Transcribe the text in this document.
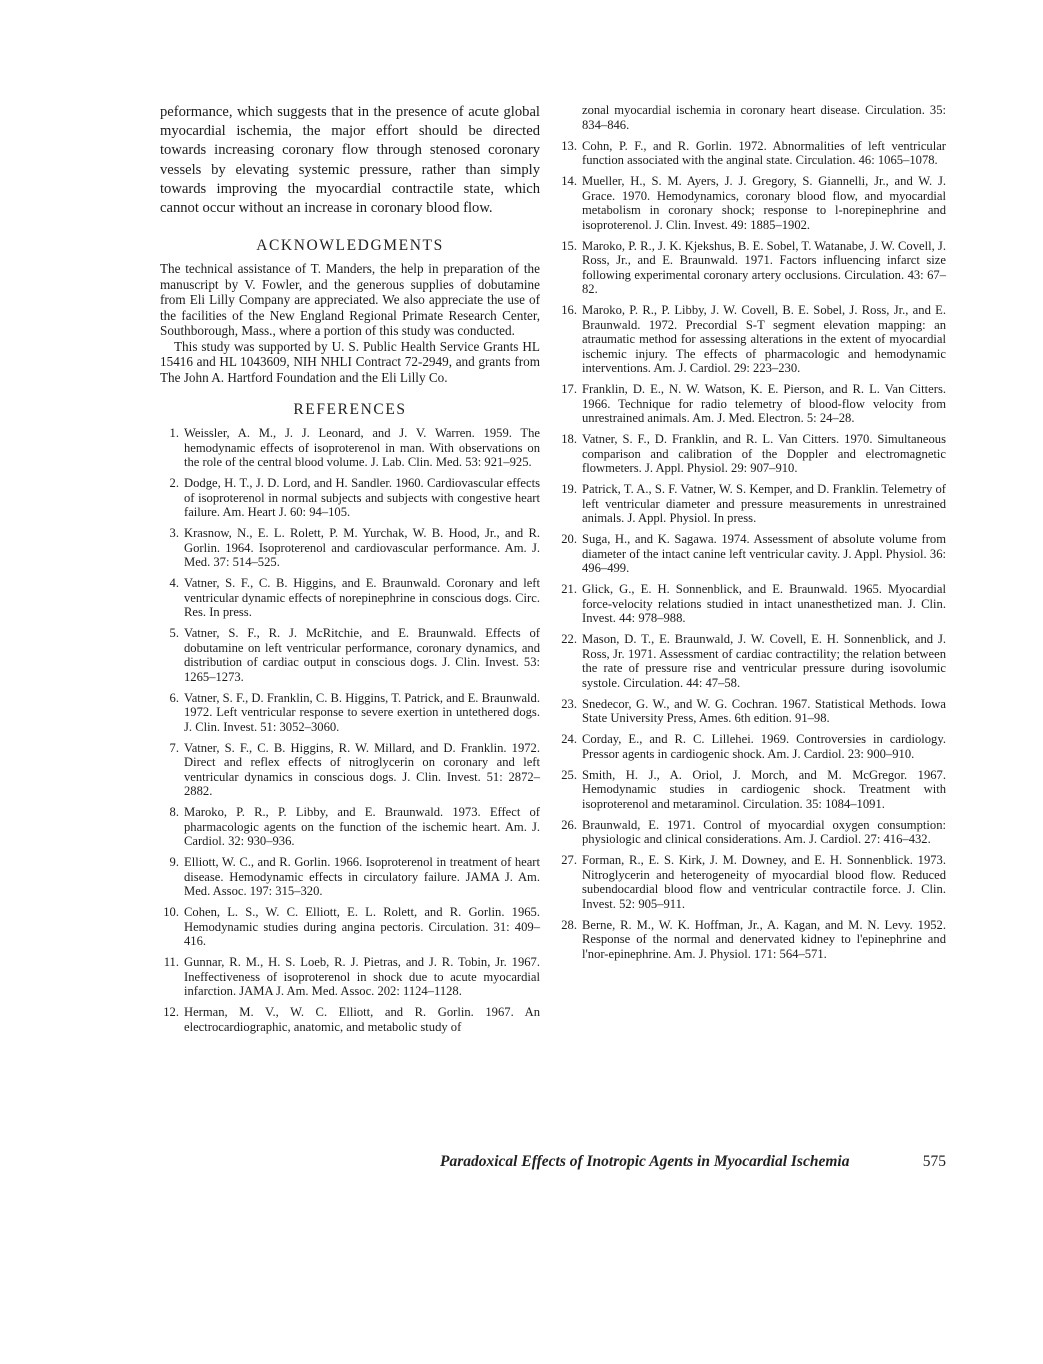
peformance, which suggests that in the presence of acute global myocardial ischemia, the major effort should be directed towards increasing coronary flow through stenosed coronary vessels by elevating systemic pressure, rather than simply towards improving the myocardial contractile state, which cannot occur without an increase in coronary blood flow.

ACKNOWLEDGMENTS

The technical assistance of T. Manders, the help in preparation of the manuscript by V. Fowler, and the generous supplies of dobutamine from Eli Lilly Company are appreciated. We also appreciate the use of the facilities of the New England Regional Primate Research Center, Southborough, Mass., where a portion of this study was conducted.

This study was supported by U. S. Public Health Service Grants HL 15416 and HL 1043609, NIH NHLI Contract 72-2949, and grants from The John A. Hartford Foundation and the Eli Lilly Co.

REFERENCES
1. Weissler, A. M., J. J. Leonard, and J. V. Warren. 1959. The hemodynamic effects of isoproterenol in man. With observations on the role of the central blood volume. J. Lab. Clin. Med. 53: 921–925.
2. Dodge, H. T., J. D. Lord, and H. Sandler. 1960. Cardiovascular effects of isoproterenol in normal subjects and subjects with congestive heart failure. Am. Heart J. 60: 94–105.
3. Krasnow, N., E. L. Rolett, P. M. Yurchak, W. B. Hood, Jr., and R. Gorlin. 1964. Isoproterenol and cardiovascular performance. Am. J. Med. 37: 514–525.
4. Vatner, S. F., C. B. Higgins, and E. Braunwald. Coronary and left ventricular dynamic effects of norepinephrine in conscious dogs. Circ. Res. In press.
5. Vatner, S. F., R. J. McRitchie, and E. Braunwald. Effects of dobutamine on left ventricular performance, coronary dynamics, and distribution of cardiac output in conscious dogs. J. Clin. Invest. 53: 1265–1273.
6. Vatner, S. F., D. Franklin, C. B. Higgins, T. Patrick, and E. Braunwald. 1972. Left ventricular response to severe exertion in untethered dogs. J. Clin. Invest. 51: 3052–3060.
7. Vatner, S. F., C. B. Higgins, R. W. Millard, and D. Franklin. 1972. Direct and reflex effects of nitroglycerin on coronary and left ventricular dynamics in conscious dogs. J. Clin. Invest. 51: 2872–2882.
8. Maroko, P. R., P. Libby, and E. Braunwald. 1973. Effect of pharmacologic agents on the function of the ischemic heart. Am. J. Cardiol. 32: 930–936.
9. Elliott, W. C., and R. Gorlin. 1966. Isoproterenol in treatment of heart disease. Hemodynamic effects in circulatory failure. JAMA J. Am. Med. Assoc. 197: 315–320.
10. Cohen, L. S., W. C. Elliott, E. L. Rolett, and R. Gorlin. 1965. Hemodynamic studies during angina pectoris. Circulation. 31: 409–416.
11. Gunnar, R. M., H. S. Loeb, R. J. Pietras, and J. R. Tobin, Jr. 1967. Ineffectiveness of isoproterenol in shock due to acute myocardial infarction. JAMA J. Am. Med. Assoc. 202: 1124–1128.
12. Herman, M. V., W. C. Elliott, and R. Gorlin. 1967. An electrocardiographic, anatomic, and metabolic study of

zonal myocardial ischemia in coronary heart disease. Circulation. 35: 834–846.

13. Cohn, P. F., and R. Gorlin. 1972. Abnormalities of left ventricular function associated with the anginal state. Circulation. 46: 1065–1078.
14. Mueller, H., S. M. Ayers, J. J. Gregory, S. Giannelli, Jr., and W. J. Grace. 1970. Hemodynamics, coronary blood flow, and myocardial metabolism in coronary shock; response to l-norepinephrine and isoproterenol. J. Clin. Invest. 49: 1885–1902.
15. Maroko, P. R., J. K. Kjekshus, B. E. Sobel, T. Watanabe, J. W. Covell, J. Ross, Jr., and E. Braunwald. 1971. Factors influencing infarct size following experimental coronary artery occlusions. Circulation. 43: 67–82.
16. Maroko, P. R., P. Libby, J. W. Covell, B. E. Sobel, J. Ross, Jr., and E. Braunwald. 1972. Precordial S-T segment elevation mapping: an atraumatic method for assessing alterations in the extent of myocardial ischemic injury. The effects of pharmacologic and hemodynamic interventions. Am. J. Cardiol. 29: 223–230.
17. Franklin, D. E., N. W. Watson, K. E. Pierson, and R. L. Van Citters. 1966. Technique for radio telemetry of blood-flow velocity from unrestrained animals. Am. J. Med. Electron. 5: 24–28.
18. Vatner, S. F., D. Franklin, and R. L. Van Citters. 1970. Simultaneous comparison and calibration of the Doppler and electromagnetic flowmeters. J. Appl. Physiol. 29: 907–910.
19. Patrick, T. A., S. F. Vatner, W. S. Kemper, and D. Franklin. Telemetry of left ventricular diameter and pressure measurements in unrestrained animals. J. Appl. Physiol. In press.
20. Suga, H., and K. Sagawa. 1974. Assessment of absolute volume from diameter of the intact canine left ventricular cavity. J. Appl. Physiol. 36: 496–499.
21. Glick, G., E. H. Sonnenblick, and E. Braunwald. 1965. Myocardial force-velocity relations studied in intact unanesthetized man. J. Clin. Invest. 44: 978–988.
22. Mason, D. T., E. Braunwald, J. W. Covell, E. H. Sonnenblick, and J. Ross, Jr. 1971. Assessment of cardiac contractility; the relation between the rate of pressure rise and ventricular pressure during isovolumic systole. Circulation. 44: 47–58.
23. Snedecor, G. W., and W. G. Cochran. 1967. Statistical Methods. Iowa State University Press, Ames. 6th edition. 91–98.
24. Corday, E., and R. C. Lillehei. 1969. Controversies in cardiology. Pressor agents in cardiogenic shock. Am. J. Cardiol. 23: 900–910.
25. Smith, H. J., A. Oriol, J. Morch, and M. McGregor. 1967. Hemodynamic studies in cardiogenic shock. Treatment with isoproterenol and metaraminol. Circulation. 35: 1084–1091.
26. Braunwald, E. 1971. Control of myocardial oxygen consumption: physiologic and clinical considerations. Am. J. Cardiol. 27: 416–432.
27. Forman, R., E. S. Kirk, J. M. Downey, and E. H. Sonnenblick. 1973. Nitroglycerin and heterogeneity of myocardial blood flow. Reduced subendocardial blood flow and ventricular contractile force. J. Clin. Invest. 52: 905–911.
28. Berne, R. M., W. K. Hoffman, Jr., A. Kagan, and M. N. Levy. 1952. Response of the normal and denervated kidney to l'epinephrine and l'nor-epinephrine. Am. J. Physiol. 171: 564–571.
Paradoxical Effects of Inotropic Agents in Myocardial Ischemia	575
